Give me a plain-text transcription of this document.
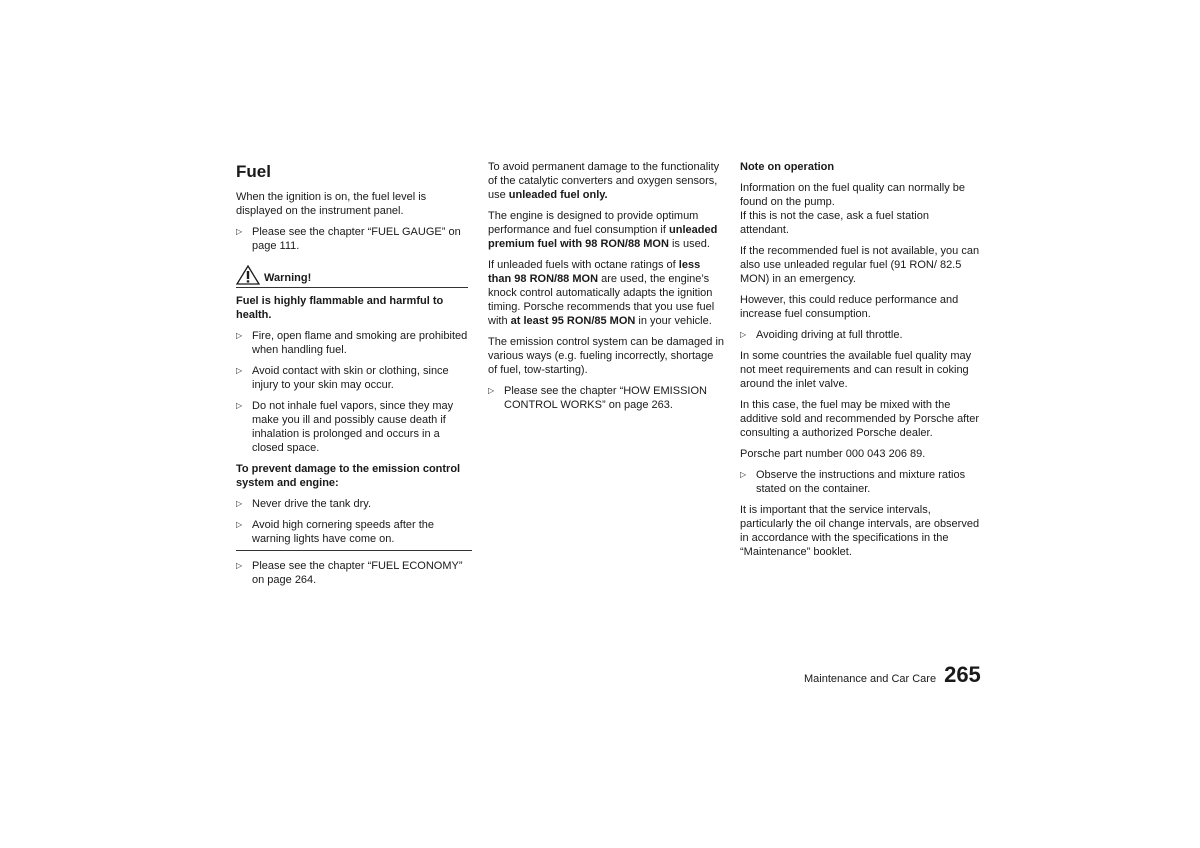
Fuel

When the ignition is on, the fuel level is displayed on the instrument panel.

▷ Please see the chapter “FUEL GAUGE” on page 111.
Warning!

Fuel is highly flammable and harmful to health.

▷ Fire, open flame and smoking are prohibited when handling fuel.
▷ Avoid contact with skin or clothing, since injury to your skin may occur.
▷ Do not inhale fuel vapors, since they may make you ill and possibly cause death if inhalation is prolonged and occurs in a closed space.

To prevent damage to the emission control system and engine:

▷ Never drive the tank dry.
▷ Avoid high cornering speeds after the warning lights have come on.
▷ Please see the chapter “FUEL ECONOMY” on page 264.

To avoid permanent damage to the functionality of the catalytic converters and oxygen sensors, use unleaded fuel only.

The engine is designed to provide optimum performance and fuel consumption if unleaded premium fuel with 98 RON/88 MON is used.

If unleaded fuels with octane ratings of less than 98 RON/88 MON are used, the engine’s knock control automatically adapts the ignition timing. Porsche recommends that you use fuel with at least 95 RON/85 MON in your vehicle.

The emission control system can be damaged in various ways (e.g. fueling incorrectly, shortage of fuel, tow-starting).

▷ Please see the chapter “HOW EMISSION CONTROL WORKS” on page 263.

Note on operation

Information on the fuel quality can normally be found on the pump.
If this is not the case, ask a fuel station attendant.

If the recommended fuel is not available, you can also use unleaded regular fuel (91 RON/ 82.5 MON) in an emergency.

However, this could reduce performance and increase fuel consumption.

▷ Avoiding driving at full throttle.

In some countries the available fuel quality may not meet requirements and can result in coking around the inlet valve.

In this case, the fuel may be mixed with the additive sold and recommended by Porsche after consulting a authorized Porsche dealer.

Porsche part number 000 043 206 89.

▷ Observe the instructions and mixture ratios stated on the container.

It is important that the service intervals, particularly the oil change intervals, are observed in accordance with the specifications in the “Maintenance” booklet.

Maintenance and Car Care 265
